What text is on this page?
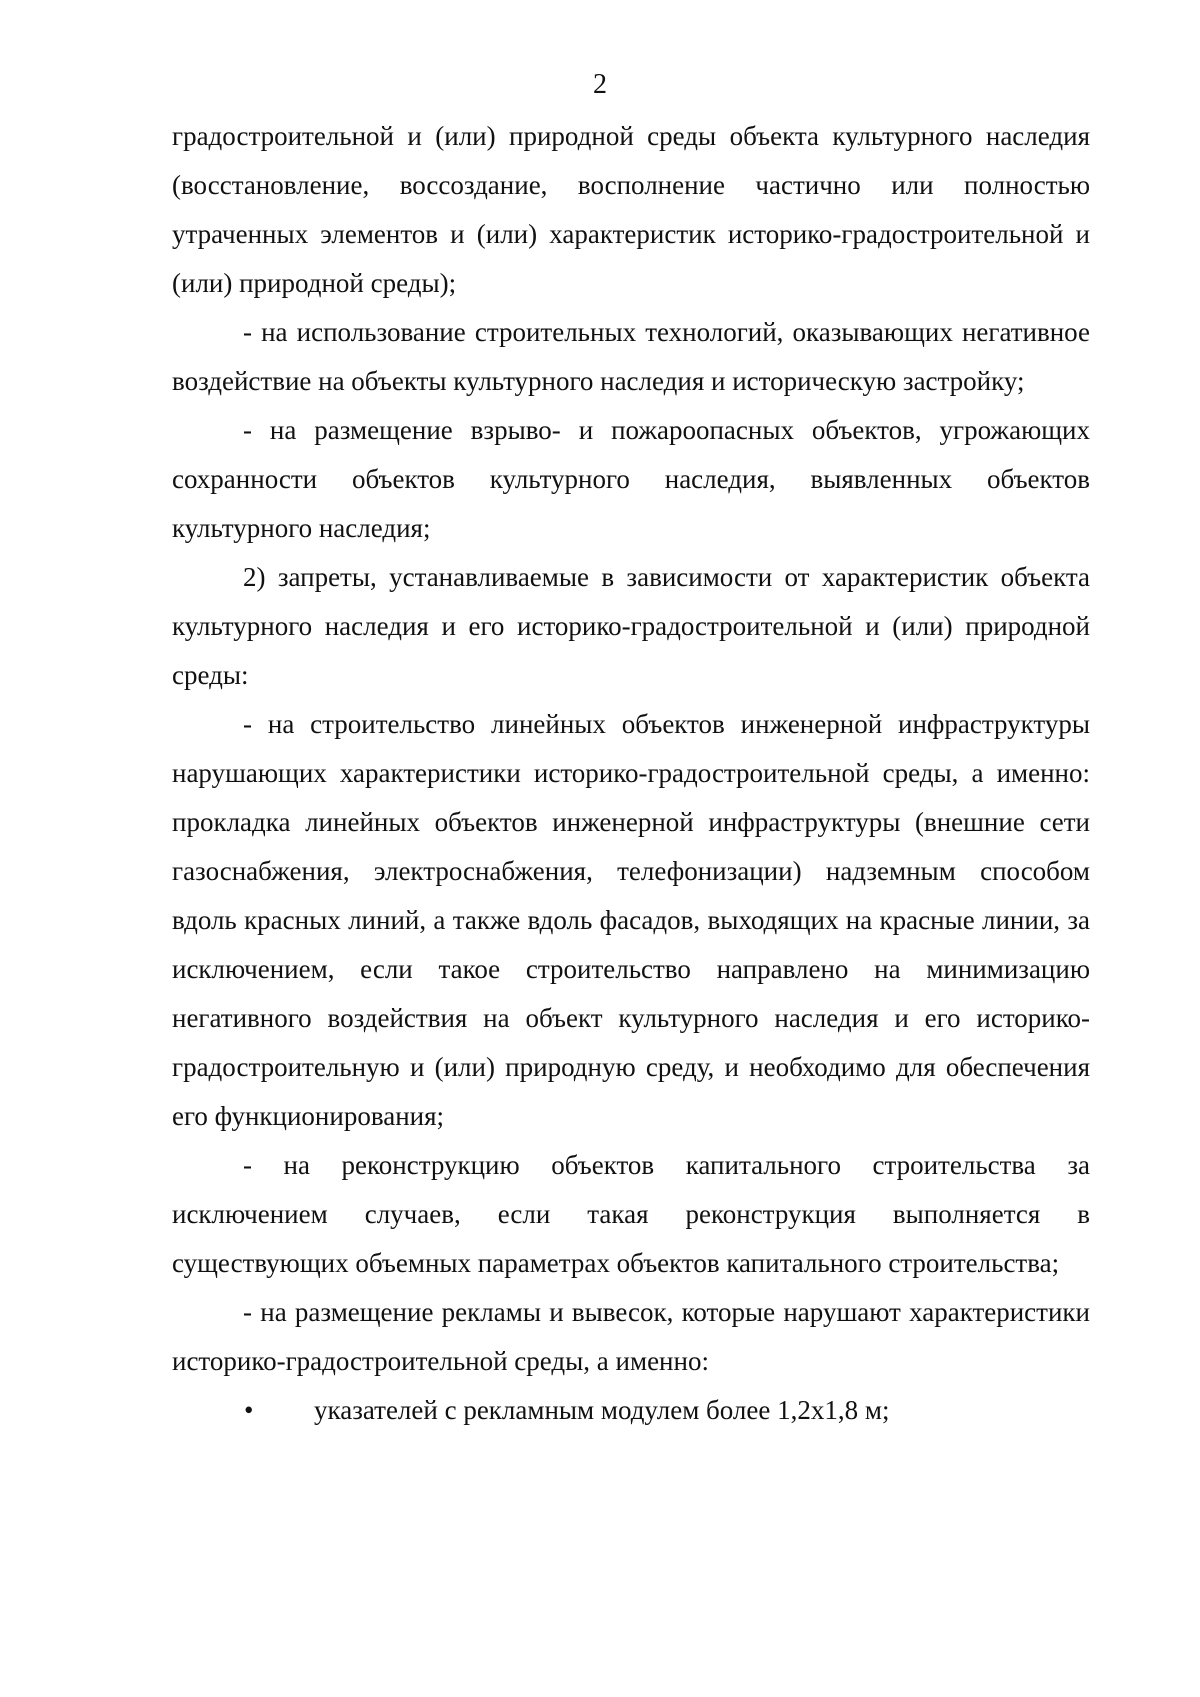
2

градостроительной и (или) природной среды объекта культурного наследия (восстановление, воссоздание, восполнение частично или полностью утраченных элементов и (или) характеристик историко-градостроительной и (или) природной среды);

- на использование строительных технологий, оказывающих негативное воздействие на объекты культурного наследия и историческую застройку;

- на размещение взрыво- и пожароопасных объектов, угрожающих сохранности объектов культурного наследия, выявленных объектов культурного наследия;

2) запреты, устанавливаемые в зависимости от характеристик объекта культурного наследия и его историко-градостроительной и (или) природной среды:

- на строительство линейных объектов инженерной инфраструктуры нарушающих характеристики историко-градостроительной среды, а именно: прокладка линейных объектов инженерной инфраструктуры (внешние сети газоснабжения, электроснабжения, телефонизации) надземным способом вдоль красных линий, а также вдоль фасадов, выходящих на красные линии, за исключением, если такое строительство направлено на минимизацию негативного воздействия на объект культурного наследия и его историко-градостроительную и (или) природную среду, и необходимо для обеспечения его функционирования;

- на реконструкцию объектов капитального строительства за исключением случаев, если такая реконструкция выполняется в существующих объемных параметрах объектов капитального строительства;

- на размещение рекламы и вывесок, которые нарушают характеристики историко-градостроительной среды, а именно:

• указателей с рекламным модулем более 1,2х1,8 м;
